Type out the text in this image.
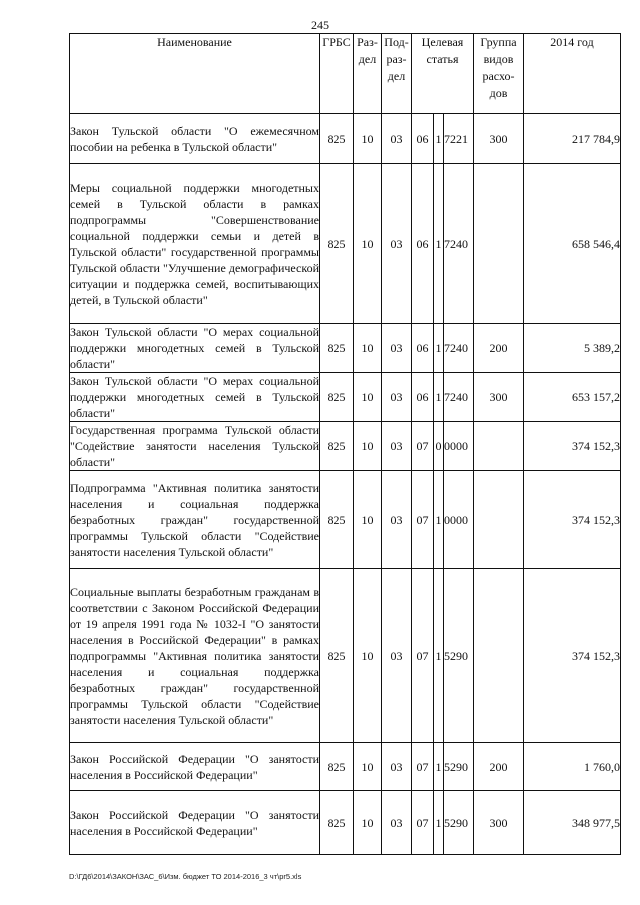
245
Наименование	ГРБС	Раз-дел	Под-раз-дел	Целевая статья			Группа видов расхо-дов	2014 год
Закон Тульской области "О ежемесячном пособии на ребенка в Тульской области"	825	10	03	06	1	7221	300	217 784,9
Меры социальной поддержки многодетных семей в Тульской области в рамках подпрограммы "Совершенствование социальной поддержки семьи и детей в Тульской области" государственной программы Тульской области "Улучшение демографической ситуации и поддержка семей, воспитывающих детей, в Тульской области"	825	10	03	06	1	7240		658 546,4
Закон Тульской области "О мерах социальной поддержки многодетных семей в Тульской области"	825	10	03	06	1	7240	200	5 389,2
Закон Тульской области "О мерах социальной поддержки многодетных семей в Тульской области"	825	10	03	06	1	7240	300	653 157,2
Государственная программа Тульской области "Содействие занятости населения Тульской области"	825	10	03	07	0	0000		374 152,3
Подпрограмма "Активная политика занятости населения и социальная поддержка безработных граждан" государственной программы Тульской области "Содействие занятости населения Тульской области"	825	10	03	07	1	0000		374 152,3
Социальные выплаты безработным гражданам в соответствии с Законом Российской Федерации от 19 апреля 1991 года № 1032-I "О занятости населения в Российской Федерации" в рамках подпрограммы "Активная политика занятости населения и социальная поддержка безработных граждан" государственной программы Тульской области "Содействие занятости населения Тульской области"	825	10	03	07	1	5290		374 152,3
Закон Российской Федерации "О занятости населения в Российской Федерации"	825	10	03	07	1	5290	200	1 760,0
Закон Российской Федерации "О занятости населения в Российской Федерации"	825	10	03	07	1	5290	300	348 977,5
D:\ГД6\2014\ЗАКОН\ЗАС_6\Изм. бюджет ТО 2014-2016_3 чт\pr5.xls
